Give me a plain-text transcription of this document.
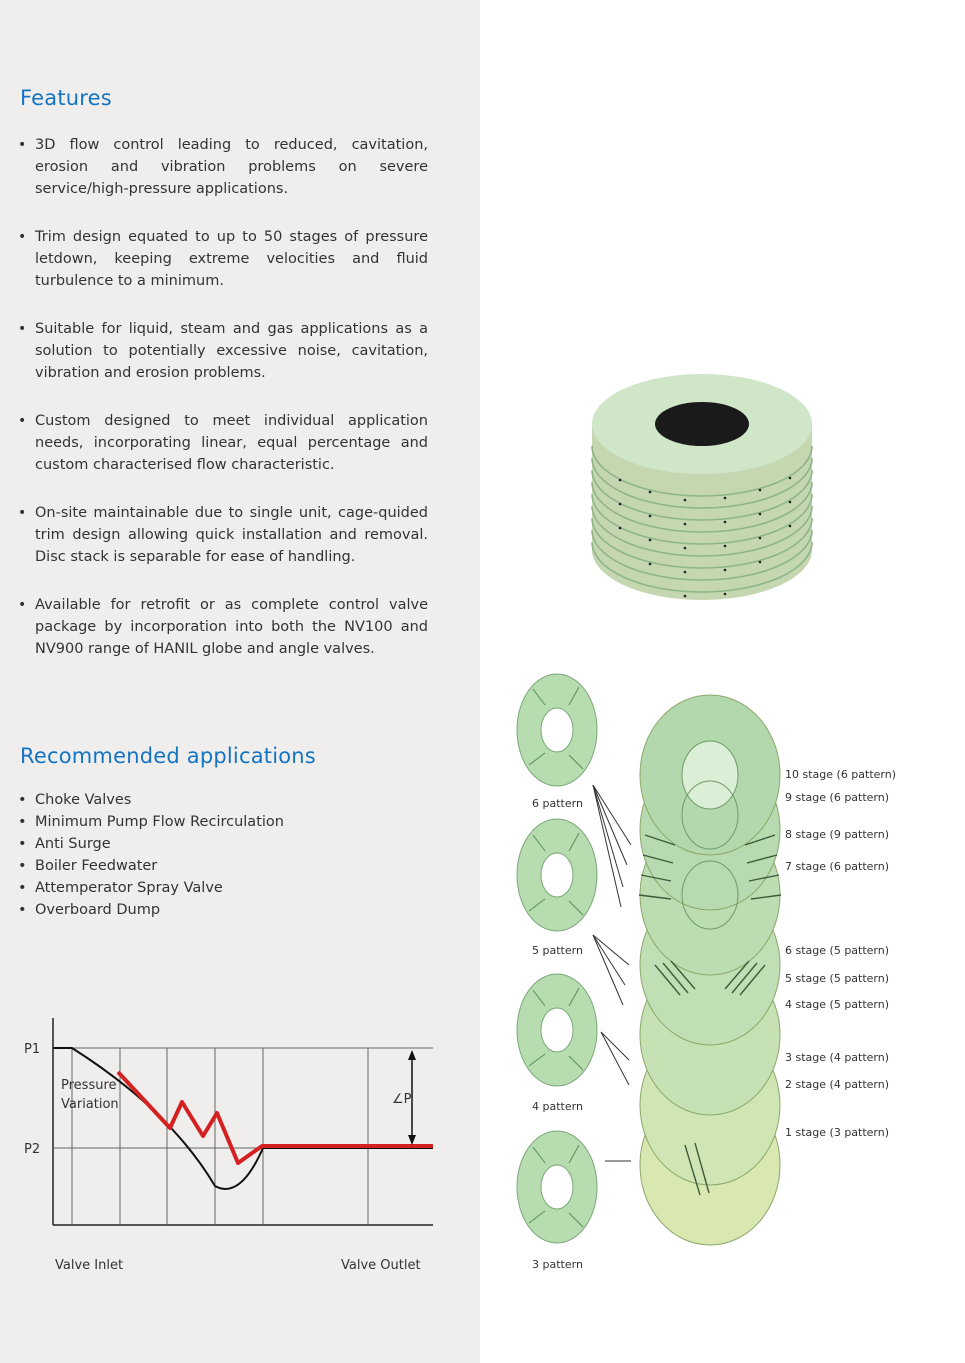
Features
• 3D flow control leading to reduced, cavitation, erosion and vibration problems on severe service/high-pressure applications.
• Trim design equated to up to 50 stages of pressure letdown, keeping extreme velocities and fluid turbulence to a minimum.
• Suitable for liquid, steam and gas applications as a solution to potentially excessive noise, cavitation, vibration and erosion problems.
• Custom designed to meet individual application needs, incorporating linear, equal percentage and custom characterised flow characteristic.
• On-site maintainable due to single unit, cage-quided trim design allowing quick installation and removal. Disc stack is separable for ease of handling.
• Available for retrofit or as complete control valve package by incorporation into both the NV100 and NV900 range of HANIL globe and angle valves.
Recommended applications
• Choke Valves
• Minimum Pump Flow Recirculation
• Anti Surge
• Boiler Feedwater
• Attemperator Spray Valve
• Overboard Dump
P1
P2
Pressure
Variation	∠P
Valve Inlet	Valve Outlet
6 pattern
5 pattern
4 pattern
3 pattern
10 stage (6 pattern)
9 stage (6 pattern)
8 stage (9 pattern)
7 stage (6 pattern)
6 stage (5 pattern)
5 stage (5 pattern)
4 stage (5 pattern)
3 stage (4 pattern)
2 stage (4 pattern)
1 stage (3 pattern)
